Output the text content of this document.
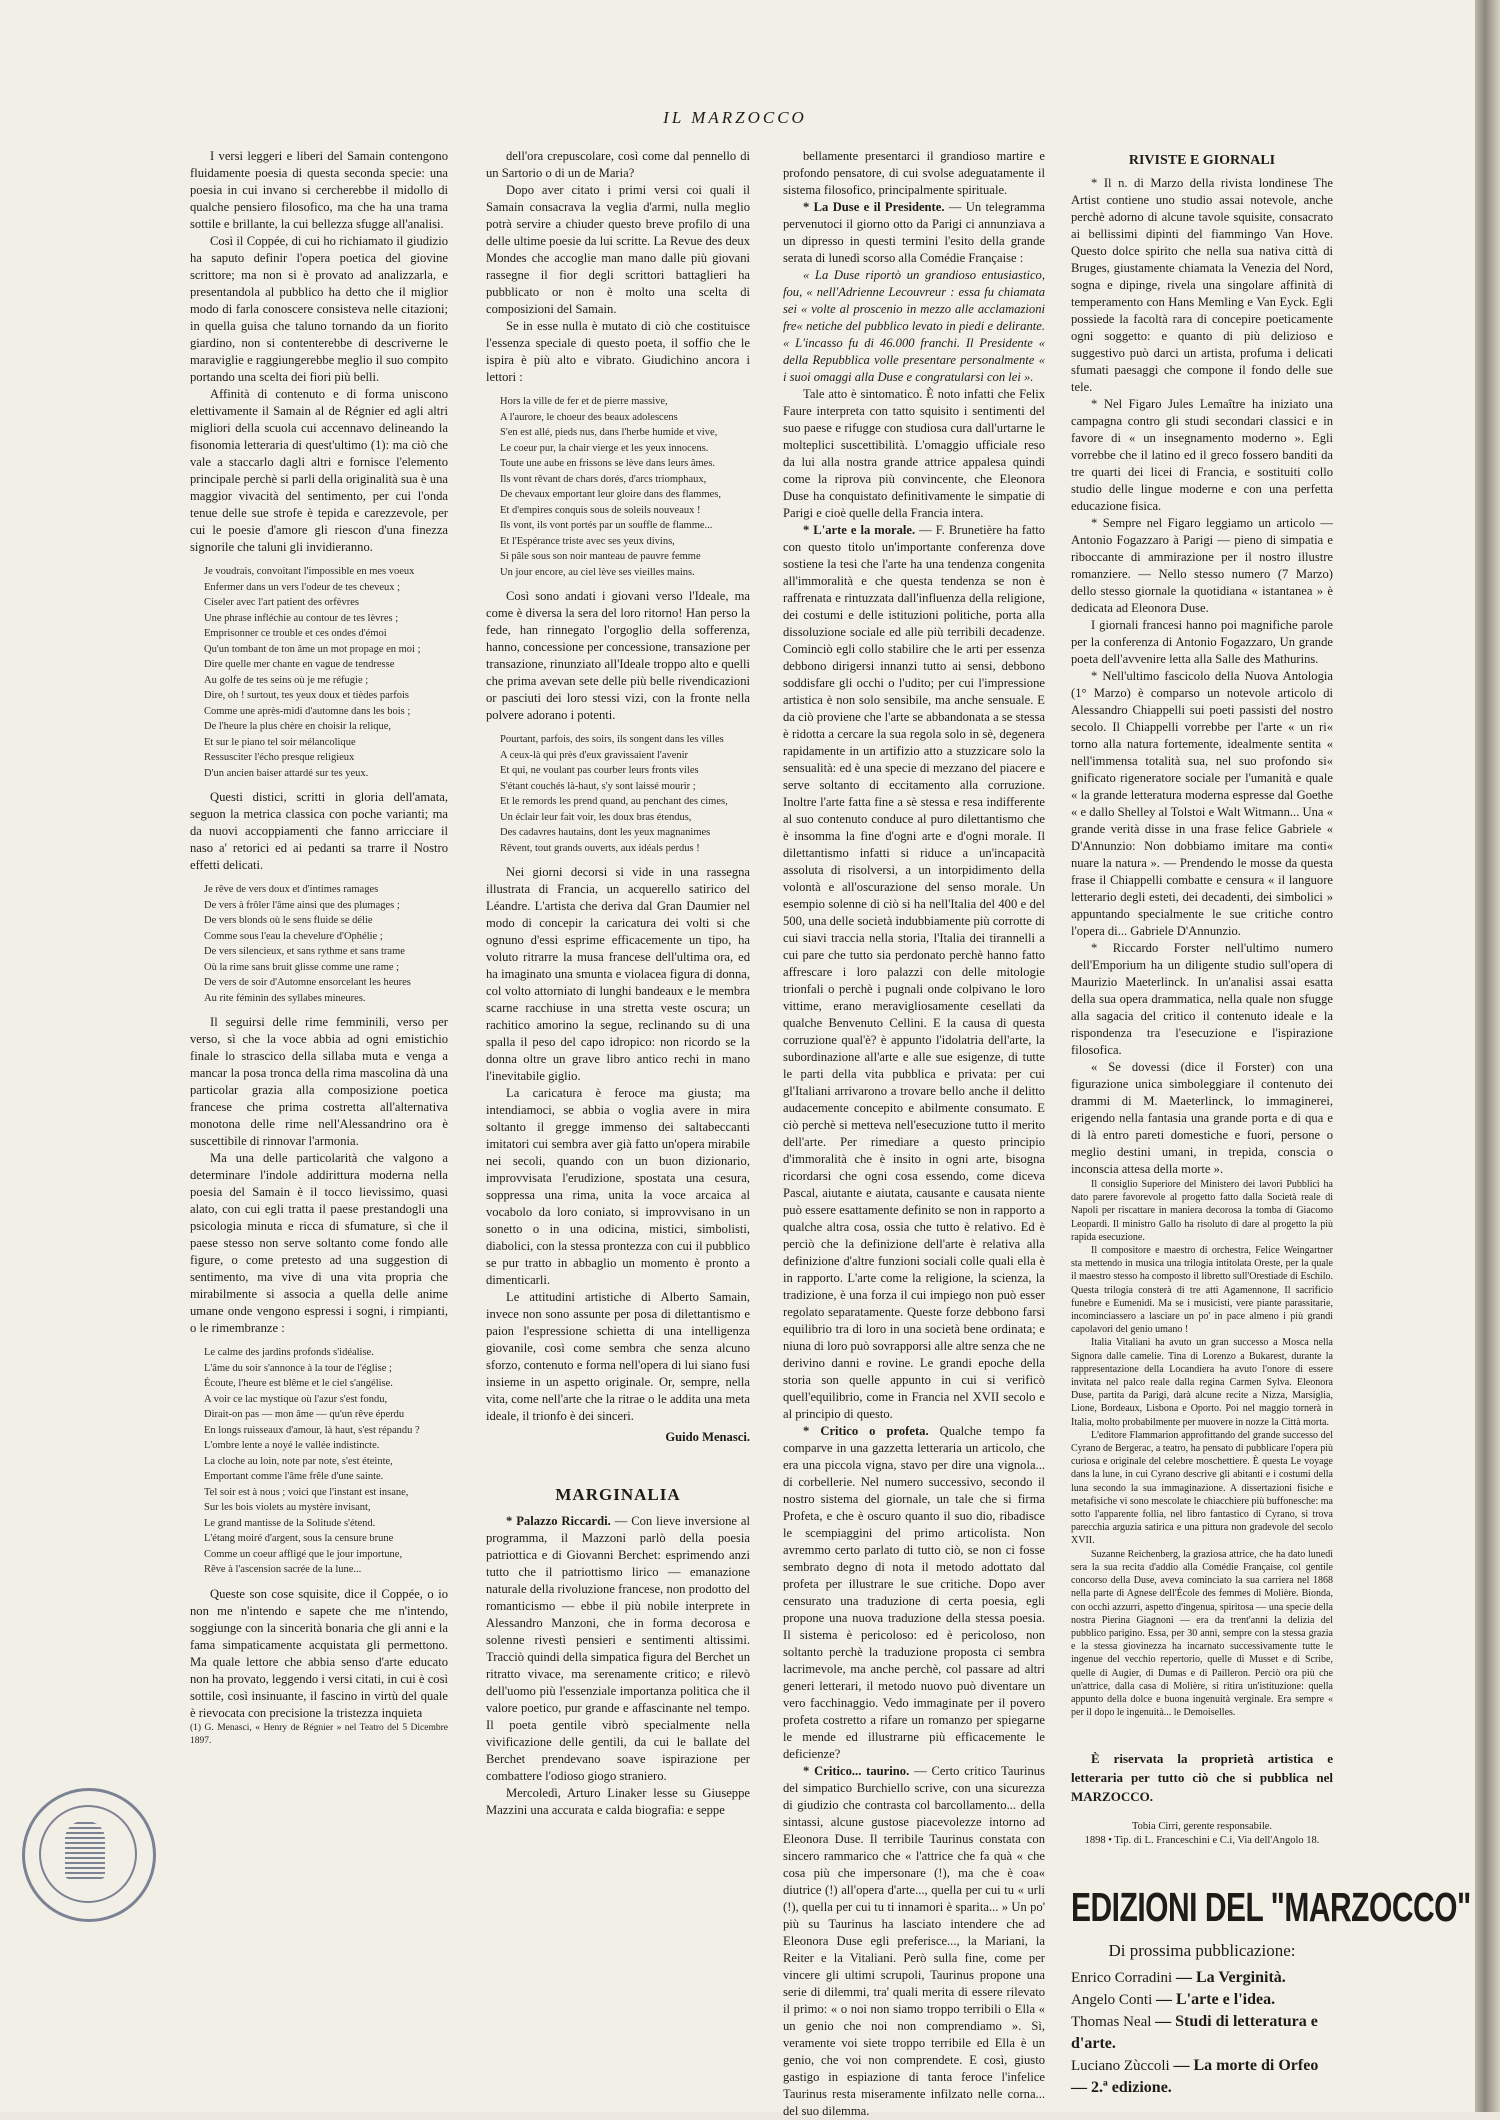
IL MARZOCCO

I versi leggeri e liberi del Samain contengono fluidamente poesia di questa seconda specie: una poesia in cui invano si cercherebbe il midollo di qualche pensiero filosofico, ma che ha una trama sottile e brillante, la cui bellezza sfugge all'analisi.

Così il Coppée, di cui ho richiamato il giudizio ha saputo definir l'opera poetica del giovine scrittore; ma non si è provato ad analizzarla, e presentandola al pubblico ha detto che il miglior modo di farla conoscere consisteva nelle citazioni; in quella guisa che taluno tornando da un fiorito giardino, non si contenterebbe di descriverne le maraviglie e raggiungerebbe meglio il suo compito portando una scelta dei fiori più belli.

Affinità di contenuto e di forma uniscono elettivamente il Samain al de Régnier ed agli altri migliori della scuola cui accennavo delineando la fisonomia letteraria di quest'ultimo (1): ma ciò che vale a staccarlo dagli altri e fornisce l'elemento principale perchè si parli della originalità sua è una maggior vivacità del sentimento, per cui l'onda tenue delle sue strofe è tepida e carezzevole, per cui le poesie d'amore gli riescon d'una finezza signorile che taluni gli invidieranno.

Je voudrais, convoitant l'impossible en mes voeux
Enfermer dans un vers l'odeur de tes cheveux ;
Ciseler avec l'art patient des orfèvres
Une phrase infléchie au contour de tes lèvres ;
Emprisonner ce trouble et ces ondes d'émoi
Qu'un tombant de ton âme un mot propage en moi ;
Dire quelle mer chante en vague de tendresse
Au golfe de tes seins où je me réfugie ;
Dire, oh ! surtout, tes yeux doux et tièdes parfois
Comme une après-midi d'automne dans les bois ;
De l'heure la plus chère en choisir la relique,
Et sur le piano tel soir mélancolique
Ressusciter l'écho presque religieux
D'un ancien baiser attardé sur tes yeux.

Questi distici, scritti in gloria dell'amata, seguon la metrica classica con poche varianti; ma da nuovi accoppiamenti che fanno arricciare il naso a' retorici ed ai pedanti sa trarre il Nostro effetti delicati.

Je rêve de vers doux et d'intimes ramages
De vers à frôler l'âme ainsi que des plumages ;
De vers blonds où le sens fluide se délie
Comme sous l'eau la chevelure d'Ophélie ;
De vers silencieux, et sans rythme et sans trame
Où la rime sans bruit glisse comme une rame ;
De vers de soir d'Automne ensorcelant les heures
Au rite féminin des syllabes mineures.

Il seguirsi delle rime femminili, verso per verso, sì che la voce abbia ad ogni emistichio finale lo strascico della sillaba muta e venga a mancar la posa tronca della rima mascolina dà una particolar grazia alla composizione poetica francese che prima costretta all'alternativa monotona delle rime nell'Alessandrino ora è suscettibile di rinnovar l'armonia.

Ma una delle particolarità che valgono a determinare l'indole addirittura moderna nella poesia del Samain è il tocco lievissimo, quasi alato, con cui egli tratta il paese prestandogli una psicologia minuta e ricca di sfumature, sì che il paese stesso non serve soltanto come fondo alle figure, o come pretesto ad una suggestion di sentimento, ma vive di una vita propria che mirabilmente si associa a quella delle anime umane onde vengono espressi i sogni, i rimpianti, o le rimembranze :

Le calme des jardins profonds s'idéalise.
L'âme du soir s'annonce à la tour de l'église ;
Écoute, l'heure est blême et le ciel s'angélise.
A voir ce lac mystique où l'azur s'est fondu,
Dirait-on pas — mon âme — qu'un rêve éperdu
En longs ruisseaux d'amour, là haut, s'est répandu ?
L'ombre lente a noyé le vallée indistincte.
La cloche au loin, note par note, s'est éteinte,
Emportant comme l'âme frêle d'une sainte.
Tel soir est à nous ; voici que l'instant est insane,
Sur les bois violets au mystère invisant,
Le grand mantisse de la Solitude s'étend.
L'étang moiré d'argent, sous la censure brune
Comme un coeur affligé que le jour importune,
Rêve à l'ascension sacrée de la lune...

Queste son cose squisite, dice il Coppée, o io non me n'intendo e sapete che me n'intendo, soggiunge con la sincerità bonaria che gli anni e la fama simpaticamente acquistata gli permettono. Ma quale lettore che abbia senso d'arte educato non ha provato, leggendo i versi citati, in cui è così sottile, così insinuante, il fascino in virtù del quale è rievocata con precisione la tristezza inquieta

(1) G. Menasci, « Henry de Régnier » nel Teatro del 5 Dicembre 1897.

dell'ora crepuscolare, così come dal pennello di un Sartorio o di un de Maria?

Dopo aver citato i primi versi coi quali il Samain consacrava la veglia d'armi, nulla meglio potrà servire a chiuder questo breve profilo di una delle ultime poesie da lui scritte. La Revue des deux Mondes che accoglie man mano dalle più giovani rassegne il fior degli scrittori battaglieri ha pubblicato or non è molto una scelta di composizioni del Samain.

Se in esse nulla è mutato di ciò che costituisce l'essenza speciale di questo poeta, il soffio che le ispira è più alto e vibrato. Giudichino ancora i lettori :

Hors la ville de fer et de pierre massive,
A l'aurore, le choeur des beaux adolescens
S'en est allé, pieds nus, dans l'herbe humide et vive,
Le coeur pur, la chair vierge et les yeux innocens.
Toute une aube en frissons se lève dans leurs âmes.
Ils vont rêvant de chars dorés, d'arcs triomphaux,
De chevaux emportant leur gloire dans des flammes,
Et d'empires conquis sous de soleils nouveaux !
Ils vont, ils vont portés par un souffle de flamme...
Et l'Espérance triste avec ses yeux divins,
Si pâle sous son noir manteau de pauvre femme
Un jour encore, au ciel lève ses vieilles mains.

Così sono andati i giovani verso l'Ideale, ma come è diversa la sera del loro ritorno! Han perso la fede, han rinnegato l'orgoglio della sofferenza, hanno, concessione per concessione, transazione per transazione, rinunziato all'Ideale troppo alto e quelli che prima avevan sete delle più belle rivendicazioni or pasciuti dei loro stessi vizi, con la fronte nella polvere adorano i potenti.

Pourtant, parfois, des soirs, ils songent dans les villes
A ceux-là qui près d'eux gravissaient l'avenir
Et qui, ne voulant pas courber leurs fronts viles
S'étant couchés là-haut, s'y sont laissé mourir ;
Et le remords les prend quand, au penchant des cimes,
Un éclair leur fait voir, les doux bras étendus,
Des cadavres hautains, dont les yeux magnanimes
Rêvent, tout grands ouverts, aux idéals perdus !

Nei giorni decorsi si vide in una rassegna illustrata di Francia, un acquerello satirico del Léandre. L'artista che deriva dal Gran Daumier nel modo di concepir la caricatura dei volti si che ognuno d'essi esprime efficacemente un tipo, ha voluto ritrarre la musa francese dell'ultima ora, ed ha imaginato una smunta e violacea figura di donna, col volto attorniato di lunghi bandeaux e le membra scarne racchiuse in una stretta veste oscura; un rachitico amorino la segue, reclinando su di una spalla il peso del capo idropico: non ricordo se la donna oltre un grave libro antico rechi in mano l'inevitabile giglio.

La caricatura è feroce ma giusta; ma intendiamoci, se abbia o voglia avere in mira soltanto il gregge immenso dei saltabeccanti imitatori cui sembra aver già fatto un'opera mirabile nei secoli, quando con un buon dizionario, improvvisata l'erudizione, spostata una cesura, soppressa una rima, unita la voce arcaica al vocabolo da loro coniato, si improvvisano in un sonetto o in una odicina, mistici, simbolisti, diabolici, con la stessa prontezza con cui il pubblico se pur tratto in abbaglio un momento è pronto a dimenticarli.

Le attitudini artistiche di Alberto Samain, invece non sono assunte per posa di dilettantismo e paion l'espressione schietta di una intelligenza giovanile, così come sembra che senza alcuno sforzo, contenuto e forma nell'opera di lui siano fusi insieme in un aspetto originale. Or, sempre, nella vita, come nell'arte che la ritrae o le addita una meta ideale, il trionfo è dei sinceri.

Guido Menasci.
MARGINALIA

* Palazzo Riccardi. — Con lieve inversione al programma, il Mazzoni parlò della poesia patriottica e di Giovanni Berchet: esprimendo anzi tutto che il patriottismo lirico — emanazione naturale della rivoluzione francese, non prodotto del romanticismo — ebbe il più nobile interprete in Alessandro Manzoni, che in forma decorosa e solenne rivestì pensieri e sentimenti altissimi. Tracciò quindi della simpatica figura del Berchet un ritratto vivace, ma serenamente critico; e rilevò dell'uomo più l'essenziale importanza politica che il valore poetico, pur grande e affascinante nel tempo. Il poeta gentile vibrò specialmente nella vivificazione delle gentili, da cui le ballate del Berchet prendevano soave ispirazione per combattere l'odioso giogo straniero.

Mercoledì, Arturo Linaker lesse su Giuseppe Mazzini una accurata e calda biografia: e seppe

bellamente presentarci il grandioso martire e profondo pensatore, di cui svolse adeguatamente il sistema filosofico, principalmente spirituale.

* La Duse e il Presidente. — Un telegramma pervenutoci il giorno otto da Parigi ci annunziava a un dipresso in questi termini l'esito della grande serata di lunedì scorso alla Comédie Française :

« La Duse riportò un grandioso entusiastico, fou, « nell'Adrienne Lecouvreur : essa fu chiamata sei « volte al proscenio in mezzo alle acclamazioni fre« netiche del pubblico levato in piedi e delirante. « L'incasso fu di 46.000 franchi. Il Presidente « della Repubblica volle presentare personalmente « i suoi omaggi alla Duse e congratularsi con lei ».

Tale atto è sintomatico. È noto infatti che Felix Faure interpreta con tatto squisito i sentimenti del suo paese e rifugge con studiosa cura dall'urtarne le molteplici suscettibilità. L'omaggio ufficiale reso da lui alla nostra grande attrice appalesa quindi come la riprova più convincente, che Eleonora Duse ha conquistato definitivamente le simpatie di Parigi e cioè quelle della Francia intera.

* L'arte e la morale. — F. Brunetière ha fatto con questo titolo un'importante conferenza dove sostiene la tesi che l'arte ha una tendenza congenita all'immoralità e che questa tendenza se non è raffrenata e rintuzzata dall'influenza della religione, dei costumi e delle istituzioni politiche, porta alla dissoluzione sociale ed alle più terribili decadenze. Cominciò egli collo stabilire che le arti per essenza debbono dirigersi innanzi tutto ai sensi, debbono soddisfare gli occhi o l'udito; per cui l'impressione artistica è non solo sensibile, ma anche sensuale. E da ciò proviene che l'arte se abbandonata a se stessa è ridotta a cercare la sua regola solo in sè, degenera rapidamente in un artifizio atto a stuzzicare solo la sensualità: ed è una specie di mezzano del piacere e serve soltanto di eccitamento alla corruzione. Inoltre l'arte fatta fine a sè stessa e resa indifferente al suo contenuto conduce al puro dilettantismo che è insomma la fine d'ogni arte e d'ogni morale. Il dilettantismo infatti si riduce a un'incapacità assoluta di risolversi, a un intorpidimento della volontà e all'oscurazione del senso morale. Un esempio solenne di ciò si ha nell'Italia del 400 e del 500, una delle società indubbiamente più corrotte di cui siavi traccia nella storia, l'Italia dei tirannelli a cui pare che tutto sia perdonato perchè hanno fatto affrescare i loro palazzi con delle mitologie trionfali o perchè i pugnali onde colpivano le loro vittime, erano meravigliosamente cesellati da qualche Benvenuto Cellini. E la causa di questa corruzione qual'è? è appunto l'idolatria dell'arte, la subordinazione all'arte e alle sue esigenze, di tutte le parti della vita pubblica e privata: per cui gl'Italiani arrivarono a trovare bello anche il delitto audacemente concepito e abilmente consumato. E ciò perchè si metteva nell'esecuzione tutto il merito dell'arte. Per rimediare a questo principio d'immoralità che è insito in ogni arte, bisogna ricordarsi che ogni cosa essendo, come diceva Pascal, aiutante e aiutata, causante e causata niente può essere esattamente definito se non in rapporto a qualche altra cosa, ossia che tutto è relativo. Ed è perciò che la definizione dell'arte è relativa alla definizione d'altre funzioni sociali colle quali ella è in rapporto. L'arte come la religione, la scienza, la tradizione, è una forza il cui impiego non può esser regolato separatamente. Queste forze debbono farsi equilibrio tra di loro in una società bene ordinata; e niuna di loro può sovrapporsi alle altre senza che ne derivino danni e rovine. Le grandi epoche della storia son quelle appunto in cui si verificò quell'equilibrio, come in Francia nel XVII secolo e al principio di questo.

* Critico o profeta. Qualche tempo fa comparve in una gazzetta letteraria un articolo, che era una piccola vigna, stavo per dire una vignola... di corbellerie. Nel numero successivo, secondo il nostro sistema del giornale, un tale che si firma Profeta, e che è oscuro quanto il suo dio, ribadisce le scempiaggini del primo articolista. Non avremmo certo parlato di tutto ciò, se non ci fosse sembrato degno di nota il metodo adottato dal profeta per illustrare le sue critiche. Dopo aver censurato una traduzione di certa poesia, egli propone una nuova traduzione della stessa poesia. Il sistema è pericoloso: ed è pericoloso, non soltanto perchè la traduzione proposta ci sembra lacrimevole, ma anche perchè, col passare ad altri generi letterari, il metodo nuovo può diventare un vero facchinaggio. Vedo immaginate per il povero profeta costretto a rifare un romanzo per spiegarne le mende ed illustrarne più efficacemente le deficienze?

* Critico... taurino. — Certo critico Taurinus del simpatico Burchiello scrive, con una sicurezza di giudizio che contrasta col barcollamento... della sintassi, alcune gustose piacevolezze intorno ad Eleonora Duse. Il terribile Taurinus constata con sincero rammarico che « l'attrice che fa quà « che cosa più che impersonare (!), ma che è coa« diutrice (!) all'opera d'arte..., quella per cui tu « urli (!), quella per cui tu ti innamori è sparita... » Un po' più su Taurinus ha lasciato intendere che ad Eleonora Duse egli preferisce..., la Mariani, la Reiter e la Vitaliani. Però sulla fine, come per vincere gli ultimi scrupoli, Taurinus propone una serie di dilemmi, tra' quali merita di essere rilevato il primo: « o noi non siamo troppo terribili o Ella « un genio che noi non comprendiamo ». Sì, veramente voi siete troppo terribile ed Ella è un genio, che voi non comprendete. E così, giusto gastigo in espiazione di tanta feroce l'infelice Taurinus resta miseramente infilzato nelle corna... del suo dilemma.

RIVISTE E GIORNALI

* Il n. di Marzo della rivista londinese The Artist contiene uno studio assai notevole, anche perchè adorno di alcune tavole squisite, consacrato ai bellissimi dipinti del fiammingo Van Hove. Questo dolce spirito che nella sua nativa città di Bruges, giustamente chiamata la Venezia del Nord, sogna e dipinge, rivela una singolare affinità di temperamento con Hans Memling e Van Eyck. Egli possiede la facoltà rara di concepire poeticamente ogni soggetto: e quanto di più delizioso e suggestivo può darci un artista, profuma i delicati sfumati paesaggi che compone il fondo delle sue tele.

* Nel Figaro Jules Lemaître ha iniziato una campagna contro gli studi secondari classici e in favore di « un insegnamento moderno ». Egli vorrebbe che il latino ed il greco fossero banditi da tre quarti dei licei di Francia, e sostituiti collo studio delle lingue moderne e con una perfetta educazione fisica.

* Sempre nel Figaro leggiamo un articolo — Antonio Fogazzaro à Parigi — pieno di simpatia e riboccante di ammirazione per il nostro illustre romanziere. — Nello stesso numero (7 Marzo) dello stesso giornale la quotidiana « istantanea » è dedicata ad Eleonora Duse.

I giornali francesi hanno poi magnifiche parole per la conferenza di Antonio Fogazzaro, Un grande poeta dell'avvenire letta alla Salle des Mathurins.

* Nell'ultimo fascicolo della Nuova Antologia (1° Marzo) è comparso un notevole articolo di Alessandro Chiappelli sui poeti passisti del nostro secolo. Il Chiappelli vorrebbe per l'arte « un ri« torno alla natura fortemente, idealmente sentita « nell'immensa totalità sua, nel suo profondo si« gnificato rigeneratore sociale per l'umanità e quale « la grande letteratura moderna espresse dal Goethe « e dallo Shelley al Tolstoi e Walt Witmann... Una « grande verità disse in una frase felice Gabriele « D'Annunzio: Non dobbiamo imitare ma conti« nuare la natura ». — Prendendo le mosse da questa frase il Chiappelli combatte e censura « il languore letterario degli esteti, dei decadenti, dei simbolici » appuntando specialmente le sue critiche contro l'opera di... Gabriele D'Annunzio.

* Riccardo Forster nell'ultimo numero dell'Emporium ha un diligente studio sull'opera di Maurizio Maeterlinck. In un'analisi assai esatta della sua opera drammatica, nella quale non sfugge alla sagacia del critico il contenuto ideale e la rispondenza tra l'esecuzione e l'ispirazione filosofica.

« Se dovessi (dice il Forster) con una figurazione unica simboleggiare il contenuto dei drammi di M. Maeterlinck, lo immaginerei, erigendo nella fantasia una grande porta e di qua e di là entro pareti domestiche e fuori, persone o meglio destini umani, in trepida, conscia o inconscia attesa della morte ».

Il consiglio Superiore del Ministero dei lavori Pubblici ha dato parere favorevole al progetto fatto dalla Società reale di Napoli per riscattare in maniera decorosa la tomba di Giacomo Leopardi. Il ministro Gallo ha risoluto di dare al progetto la più rapida esecuzione.

Il compositore e maestro di orchestra, Felice Weingartner sta mettendo in musica una trilogia intitolata Oreste, per la quale il maestro stesso ha composto il libretto sull'Orestiade di Eschilo. Questa trilogia consterà di tre atti Agamennone, Il sacrificio funebre e Eumenidi. Ma se i musicisti, vere piante parassitarie, incominciassero a lasciare un po' in pace almeno i più grandi capolavori del genio umano !

Italia Vitaliani ha avuto un gran successo a Mosca nella Signora dalle camelie. Tina di Lorenzo a Bukarest, durante la rappresentazione della Locandiera ha avuto l'onore di essere invitata nel palco reale dalla regina Carmen Sylva. Eleonora Duse, partita da Parigi, darà alcune recite a Nizza, Marsiglia, Lione, Bordeaux, Lisbona e Oporto. Poi nel maggio tornerà in Italia, molto probabilmente per muovere in nozze la Città morta.

L'editore Flammarion approfittando del grande successo del Cyrano de Bergerac, a teatro, ha pensato di pubblicare l'opera più curiosa e originale del celebre moschettiere. È questa Le voyage dans la lune, in cui Cyrano descrive gli abitanti e i costumi della luna secondo la sua immaginazione. A dissertazioni fisiche e metafisiche vi sono mescolate le chiacchiere più buffonesche: ma sotto l'apparente follia, nel libro fantastico di Cyrano, si trova parecchia arguzia satirica e una pittura non gradevole del secolo XVII.

Suzanne Reichenberg, la graziosa attrice, che ha dato lunedì sera la sua recita d'addio alla Comédie Française, col gentile concorso della Duse, aveva cominciato la sua carriera nel 1868 nella parte di Agnese dell'École des femmes di Molière. Bionda, con occhi azzurri, aspetto d'ingenua, spiritosa — una specie della nostra Pierina Giagnoni — era da trent'anni la delizia del pubblico parigino. Essa, per 30 anni, sempre con la stessa grazia e la stessa giovinezza ha incarnato successivamente tutte le ingenue del vecchio repertorio, quelle di Musset e di Scribe, quelle di Augier, di Dumas e di Pailleron. Perciò ora più che un'attrice, dalla casa di Molière, si ritira un'istituzione: quella appunto della dolce e buona ingenuità verginale. Era sempre « per il dopo le ingenuità... le Demoiselles.

È riservata la proprietà artistica e letteraria per tutto ciò che si pubblica nel MARZOCCO.

Tobia Cirri, gerente responsabile.
1898 • Tip. di L. Franceschini e C.i, Via dell'Angolo 18.
EDIZIONI DEL "MARZOCCO"
Di prossima pubblicazione:
Enrico Corradini — La Verginità.
Angelo Conti — L'arte e l'idea.
Thomas Neal — Studi di letteratura e d'arte.
Luciano Zùccoli — La morte di Orfeo — 2.ª edizione.
